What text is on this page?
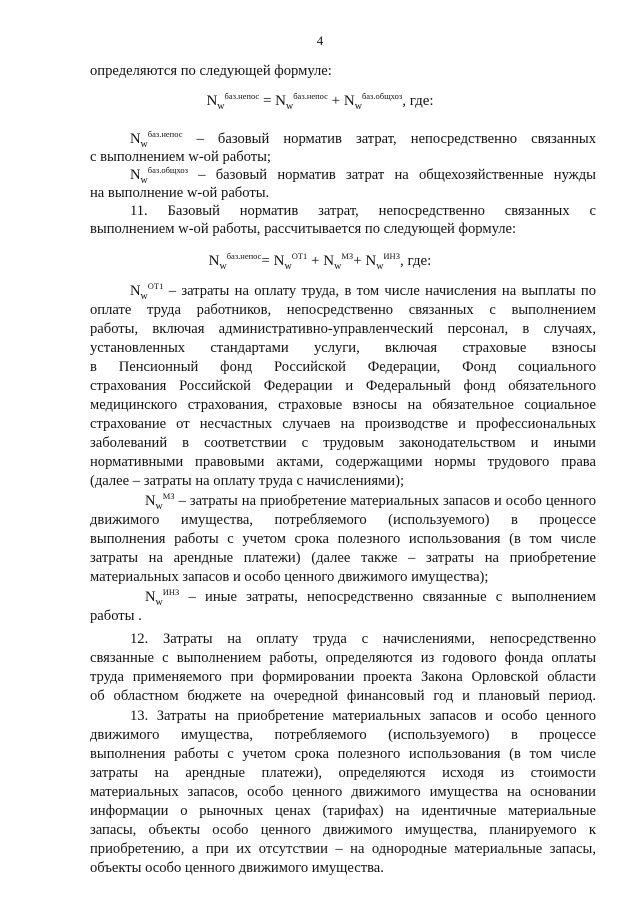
4
определяются по следующей формуле:
$N_w^{баз.непос} = N_w^{баз.непос} + N_w^{баз.общхоз}$, где:
$N_w^{баз.непос}$ – базовый норматив затрат, непосредственно связанных
с выполнением w-ой работы;
$N_w^{баз.общхоз}$ – базовый норматив затрат на общехозяйственные нужды
на выполнение w-ой работы.
11. Базовый норматив затрат, непосредственно связанных с
выполнением w-ой работы, рассчитывается по следующей формуле:
$N_w^{баз.непос}= N_w^{ОТ1} + N_w^{МЗ}+ N_w^{ИНЗ}$, где:
$N_w^{ОТ1}$ – затраты на оплату труда, в том числе начисления на выплаты по
оплате труда работников, непосредственно связанных с выполнением
работы, включая административно-управленческий персонал, в случаях,
установленных стандартами услуги, включая страховые взносы
в Пенсионный фонд Российской Федерации, Фонд социального
страхования Российской Федерации и Федеральный фонд обязательного
медицинского страхования, страховые взносы на обязательное социальное
страхование от несчастных случаев на производстве и профессиональных
заболеваний в соответствии с трудовым законодательством и иными
нормативными правовыми актами, содержащими нормы трудового права
(далее – затраты на оплату труда с начислениями);
$N_w^{МЗ}$ – затраты на приобретение материальных запасов и особо ценного
движимого имущества, потребляемого (используемого) в процессе
выполнения работы с учетом срока полезного использования (в том числе
затраты на арендные платежи) (далее также – затраты на приобретение
материальных запасов и особо ценного движимого имущества);
$N_w^{ИНЗ}$ – иные затраты, непосредственно связанные с выполнением
работы .
12. Затраты на оплату труда с начислениями, непосредственно
связанные с выполнением работы, определяются из годового фонда оплаты
труда применяемого при формировании проекта Закона Орловской области
об областном бюджете на очередной финансовый год и плановый период.
13. Затраты на приобретение материальных запасов и особо ценного
движимого имущества, потребляемого (используемого) в процессе
выполнения работы с учетом срока полезного использования (в том числе
затраты на арендные платежи), определяются исходя из стоимости
материальных запасов, особо ценного движимого имущества на основании
информации о рыночных ценах (тарифах) на идентичные материальные
запасы, объекты особо ценного движимого имущества, планируемого к
приобретению, а при их отсутствии – на однородные материальные запасы,
объекты особо ценного движимого имущества.
